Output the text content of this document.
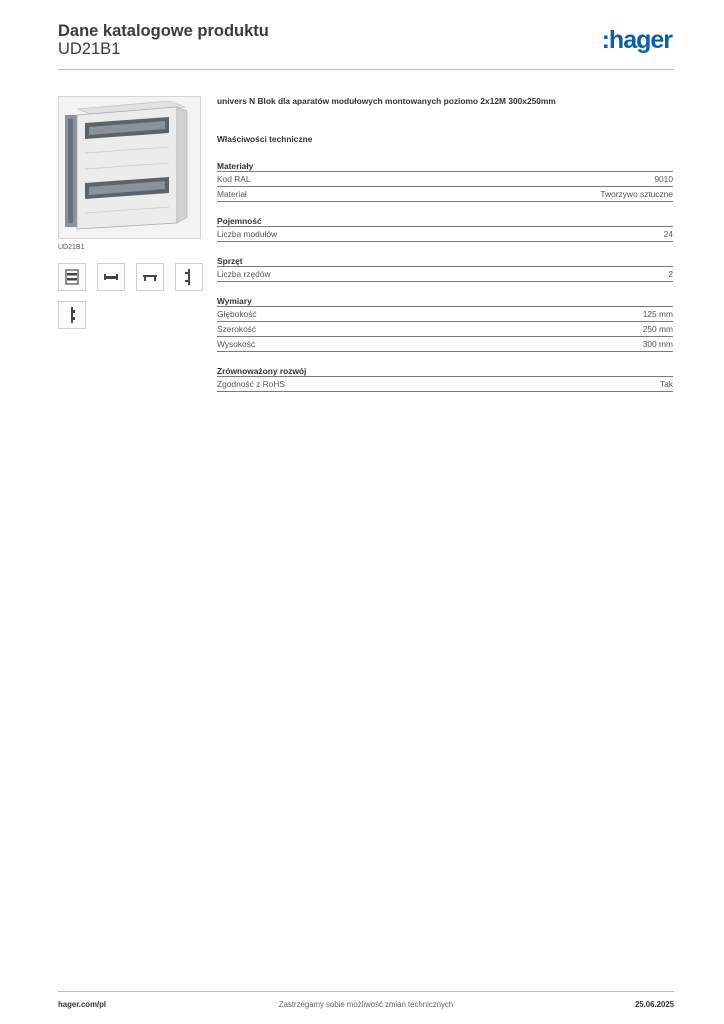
Dane katalogowe produktu
UD21B1	:hager
UD21B1
univers N Blok dla aparatów modułowych montowanych poziomo 2x12M 300x250mm
Właściwości techniczne
Materiały
Kod RAL	9010
Materiał	Tworzywo sztuczne
Pojemność
Liczba modułów	24
Sprzęt
Liczba rzędów	2
Wymiary
Głębokość	125 mm
Szerokość	250 mm
Wysokość	300 mm
Zrównoważony rozwój
Zgodność z RoHS	Tak
Zastrzegamy sobie możliwość zmian technicznych
hager.com/pl	25.06.2025
